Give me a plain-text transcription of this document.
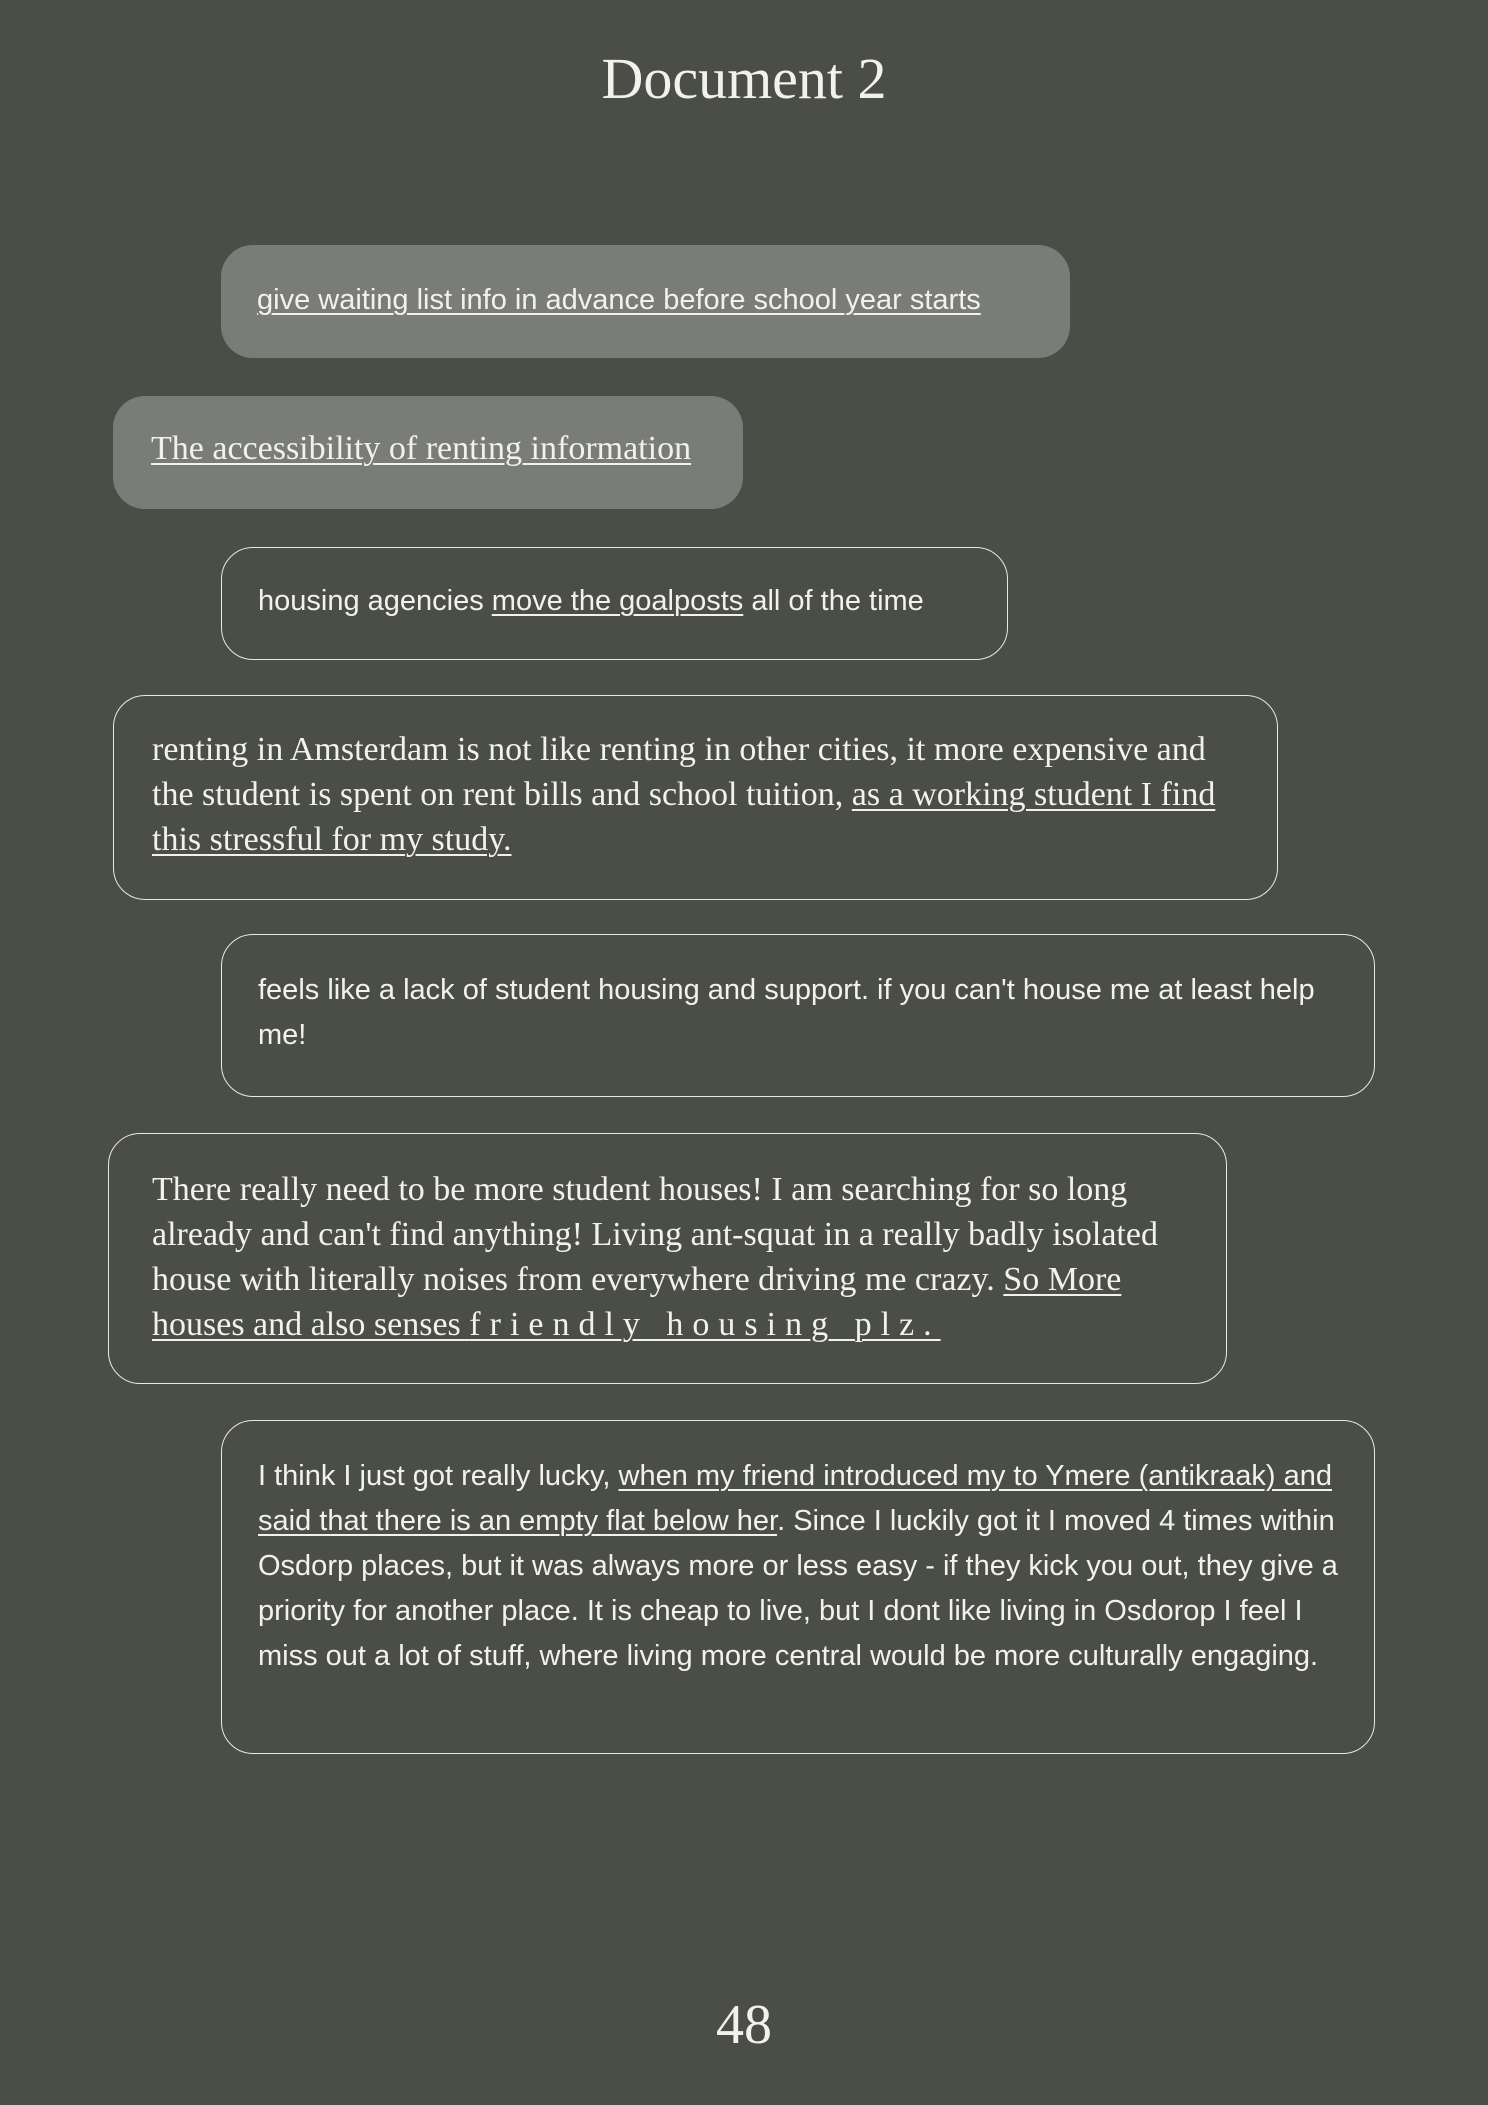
Document 2
give waiting list info in advance before school year starts
The accessibility of renting information
housing agencies move the goalposts all of the time
renting in Amsterdam is not like renting in other cities, it more expensive and the student is spent on rent bills and school tuition, as a working student I find this stressful for my study.
feels like a lack of student housing and support. if you can't house me at least help me!
There really need to be more student houses! I am searching for so long already and can't find anything! Living ant-squat in a really badly isolated house with literally noises from everywhere driving me crazy. So More houses and also senses friendly housing plz.
I think I just got really lucky, when my friend introduced my to Ymere (antikraak) and said that there is an empty flat below her. Since I luckily got it I moved 4 times within Osdorp places, but it was always more or less easy - if they kick you out, they give a priority for another place. It is cheap to live, but I dont like living in Osdorop I feel I miss out a lot of stuff, where living more central would be more culturally engaging.
48
